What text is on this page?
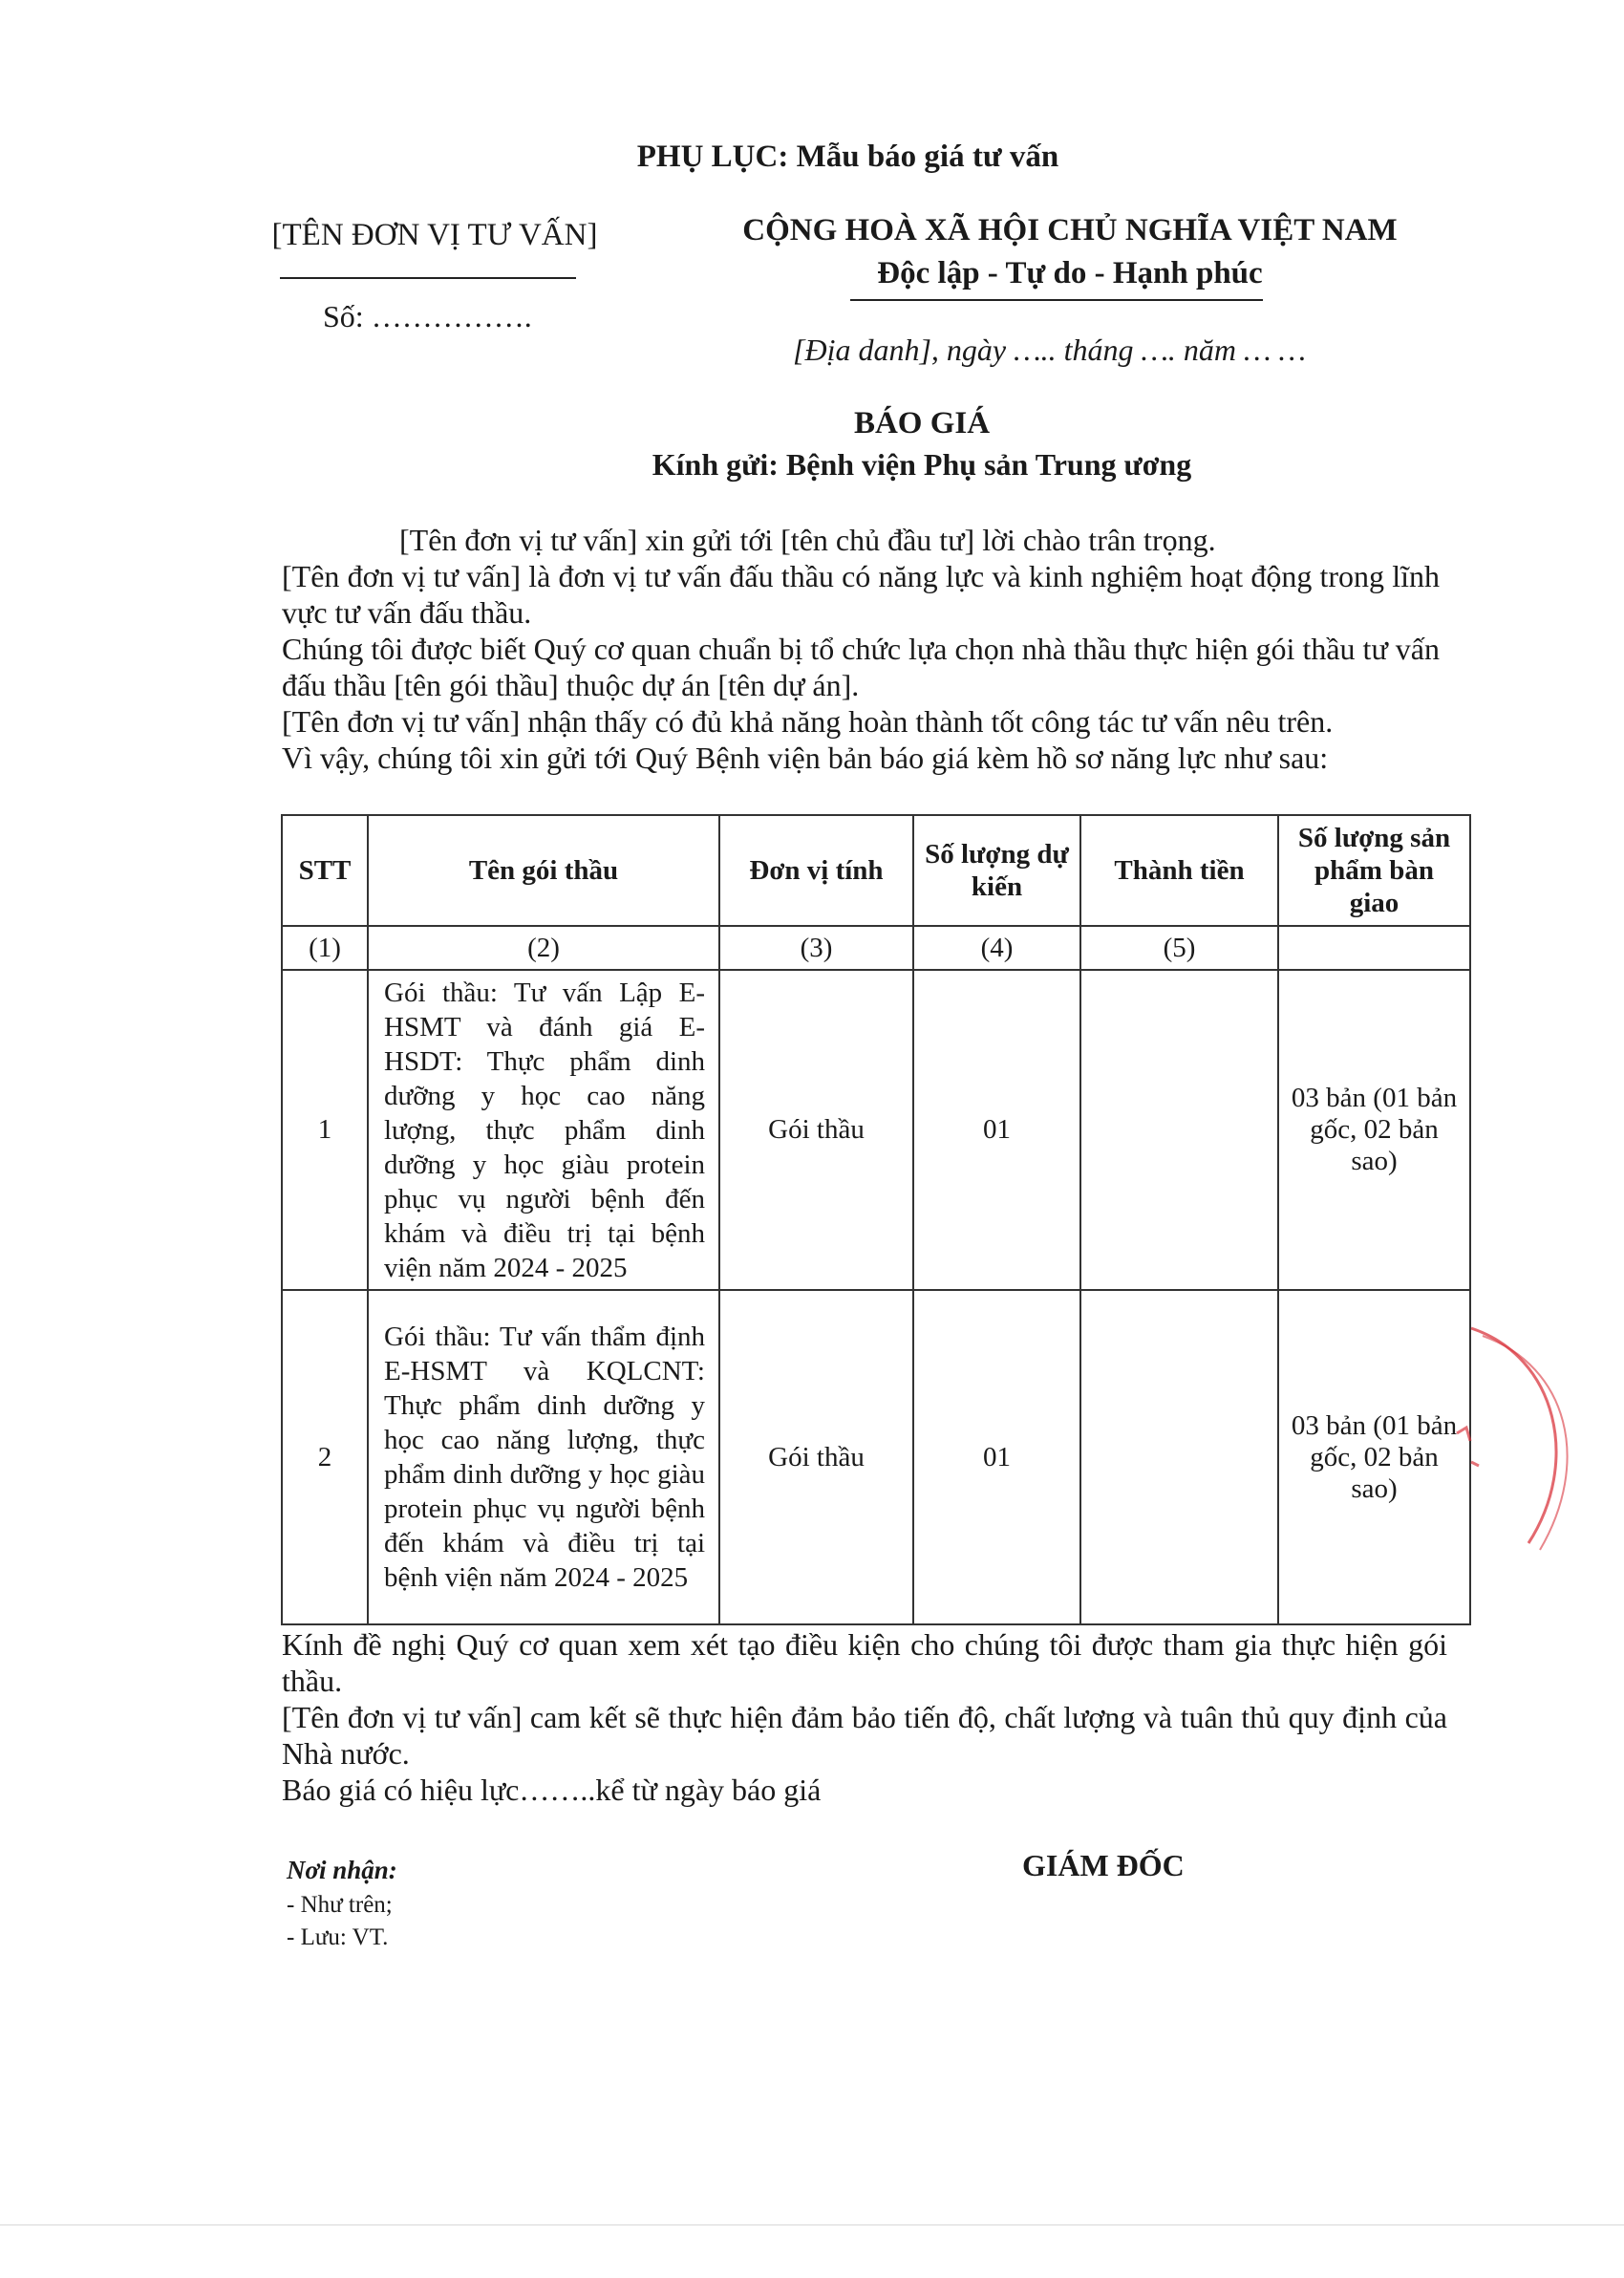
PHỤ LỤC: Mẫu báo giá tư vấn
[TÊN ĐƠN VỊ TƯ VẤN]
Số: …………….
CỘNG HOÀ XÃ HỘI CHỦ NGHĨA VIỆT NAM
Độc lập - Tự do - Hạnh phúc
[Địa danh], ngày ….. tháng …. năm … …
BÁO GIÁ
Kính gửi: Bệnh viện Phụ sản Trung ương
[Tên đơn vị tư vấn] xin gửi tới [tên chủ đầu tư] lời chào trân trọng.
[Tên đơn vị tư vấn] là đơn vị tư vấn đấu thầu có năng lực và kinh nghiệm hoạt động trong lĩnh vực tư vấn đấu thầu.
Chúng tôi được biết Quý cơ quan chuẩn bị tổ chức lựa chọn nhà thầu thực hiện gói thầu tư vấn đấu thầu [tên gói thầu] thuộc dự án [tên dự án].
[Tên đơn vị tư vấn] nhận thấy có đủ khả năng hoàn thành tốt công tác tư vấn nêu trên.
Vì vậy, chúng tôi xin gửi tới Quý Bệnh viện bản báo giá kèm hồ sơ năng lực như sau:
STT	Tên gói thầu	Đơn vị tính	Số lượng dự kiến	Thành tiền	Số lượng sản phẩm bàn giao
(1)	(2)	(3)	(4)	(5)	
1	Gói thầu: Tư vấn Lập E-HSMT và đánh giá E-HSDT: Thực phẩm dinh dưỡng y học cao năng lượng, thực phẩm dinh dưỡng y học giàu protein phục vụ người bệnh đến khám và điều trị tại bệnh viện năm 2024 - 2025	Gói thầu	01		03 bản (01 bản gốc, 02 bản sao)
2	Gói thầu: Tư vấn thẩm định E-HSMT và KQLCNT: Thực phẩm dinh dưỡng y học cao năng lượng, thực phẩm dinh dưỡng y học giàu protein phục vụ người bệnh đến khám và điều trị tại bệnh viện năm 2024 - 2025	Gói thầu	01		03 bản (01 bản gốc, 02 bản sao)
Kính đề nghị Quý cơ quan xem xét tạo điều kiện cho chúng tôi được tham gia thực hiện gói thầu.
[Tên đơn vị tư vấn] cam kết sẽ thực hiện đảm bảo tiến độ, chất lượng và tuân thủ quy định của Nhà nước.
Báo giá có hiệu lực……..kể từ ngày báo giá
Nơi nhận:
- Như trên;
- Lưu: VT.
GIÁM ĐỐC
